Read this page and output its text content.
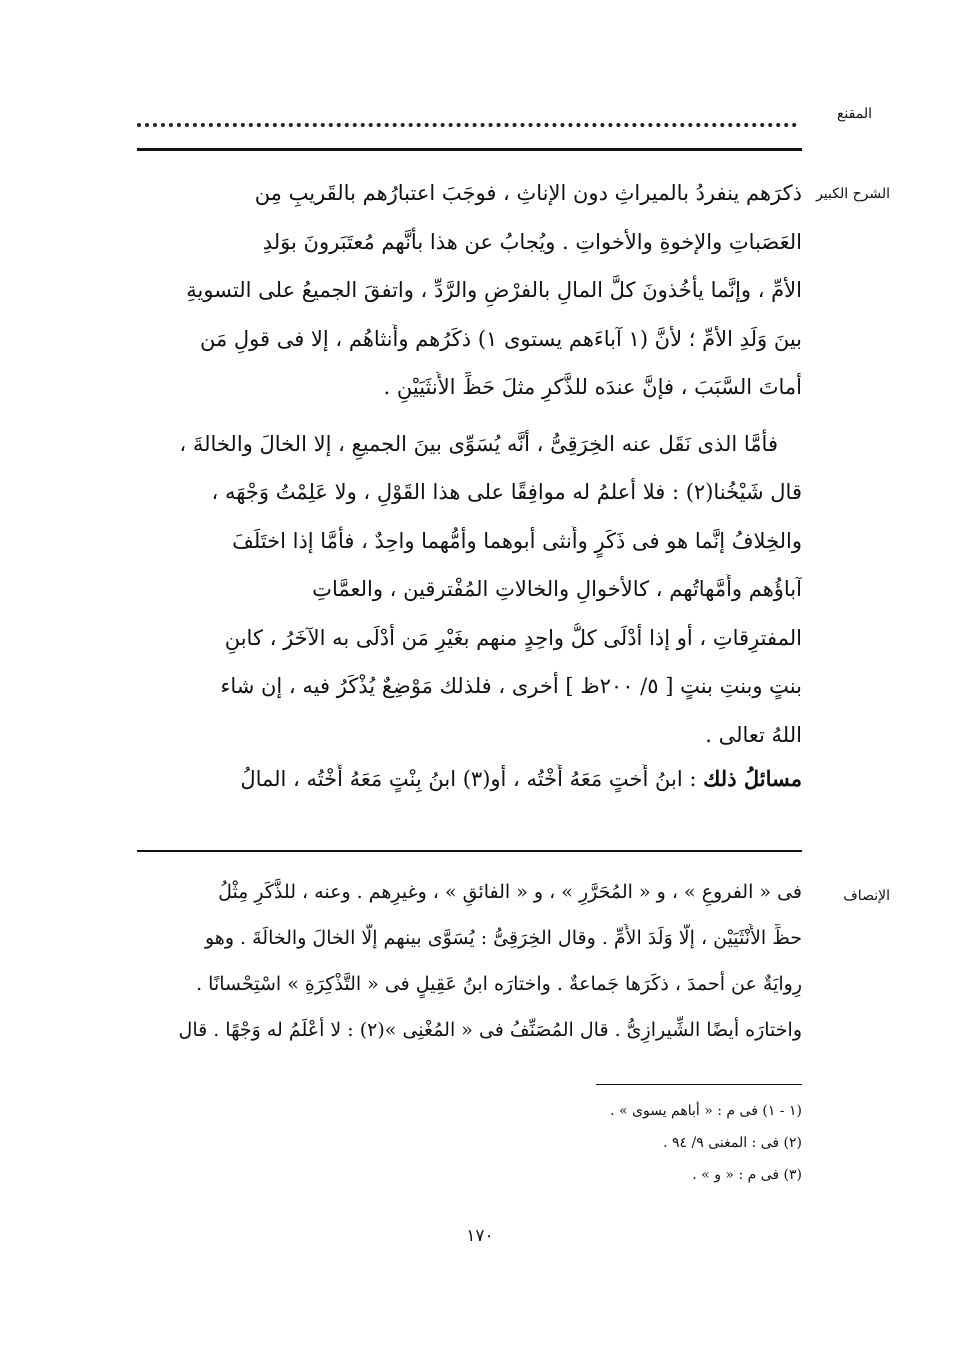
المقنع
الشرح الكبير
ذكرَهم ينفردُ بالميراثِ دون الإناثِ ، فوجَبَ اعتبارُهم بالقَريبِ مِن
العَصَباتِ والإخوةِ والأخواتِ . ويُجابُ عن هذا بأنَّهم مُعتَبَرونَ بوَلدِ
الأمِّ ، وإنَّما يأْخُذونَ كلَّ المالِ بالفرْضِ والرَّدِّ ، واتفقَ الجميعُ على التسويةِ
بينَ وَلَدِ الأمِّ ؛ لأنَّ (١ آباءَهم يستوى ١) ذكَرُهم وأُنثاهُم ، إلا فى قولِ مَن
أماتَ السَّبَبَ ، فإنَّ عندَه للذَّكرِ مثلَ حَظِّ الأُنثَيَيْنِ .
فأمَّا الذى نَقَل عنه الخِرَقِىُّ ، أنَّه يُسَوِّى بينَ الجميعِ ، إلا الخالَ والخالةَ ،
قال شَيْخُنا(٢) : فلا أعلمُ له موافِقًا على هذا القَوْلِ ، ولا عَلِمْتُ وَجْهَه ،
والخِلافُ إنَّما هو فى ذَكَرٍ وأُنثى أبوهما وأمُّهما واحِدٌ ، فأمَّا إذا اختَلَفَ
آباؤُهم وأُمَّهاتُهم ، كالأخوالِ والخالاتِ المُفْترقين ، والعمَّاتِ
المفترِقاتِ ، أو إذا أدْلَى كلُّ واحِدٍ منهم بغَيْرِ مَن أدْلَى به الآخَرُ ، كابنِ
بنتٍ وبنتِ بنتٍ [ ٥/ ٢٠٠ظ ] أخرى ، فلذلك مَوْضِعٌ يُذْكَرُ فيه ، إن شاء
اللهُ تعالى .
مسائلُ ذلك : ابنُ أُختٍ مَعَهُ أُخْتُه ، أو(٣) ابنُ بِنْتٍ مَعَهُ أُخْتُه ، المالُ
الإنصاف
فى « الفروعِ » ، و « المُحَرَّرِ » ، و « الفائقِ » ، وغيرِهم . وعنه ، للذَّكَرِ مِثْلُ
حظِّ الأُنْثَيَيْن ، إلَّا وَلَدَ الأُمِّ . وقال الخِرَقِىُّ : يُسَوَّى بينهم إلَّا الخالَ والخالَةَ . وهو
رِوايَةٌ عن أحمدَ ، ذكَرَها جَماعةٌ . واختارَه ابنُ عَقِيلٍ فى « التَّذْكِرَةِ » اسْتِحْسانًا .
واختارَه أيضًا الشِّيرازِىُّ . قال المُصَنِّفُ فى « المُغْنِى »(٢) : لا أعْلَمُ له وَجْهًا . قال
(١ - ١) فى م : « أباهم يسوى » .
(٢) فى : المغنى ٩/ ٩٤ .
(٣) فى م : « و » .
١٧٠
